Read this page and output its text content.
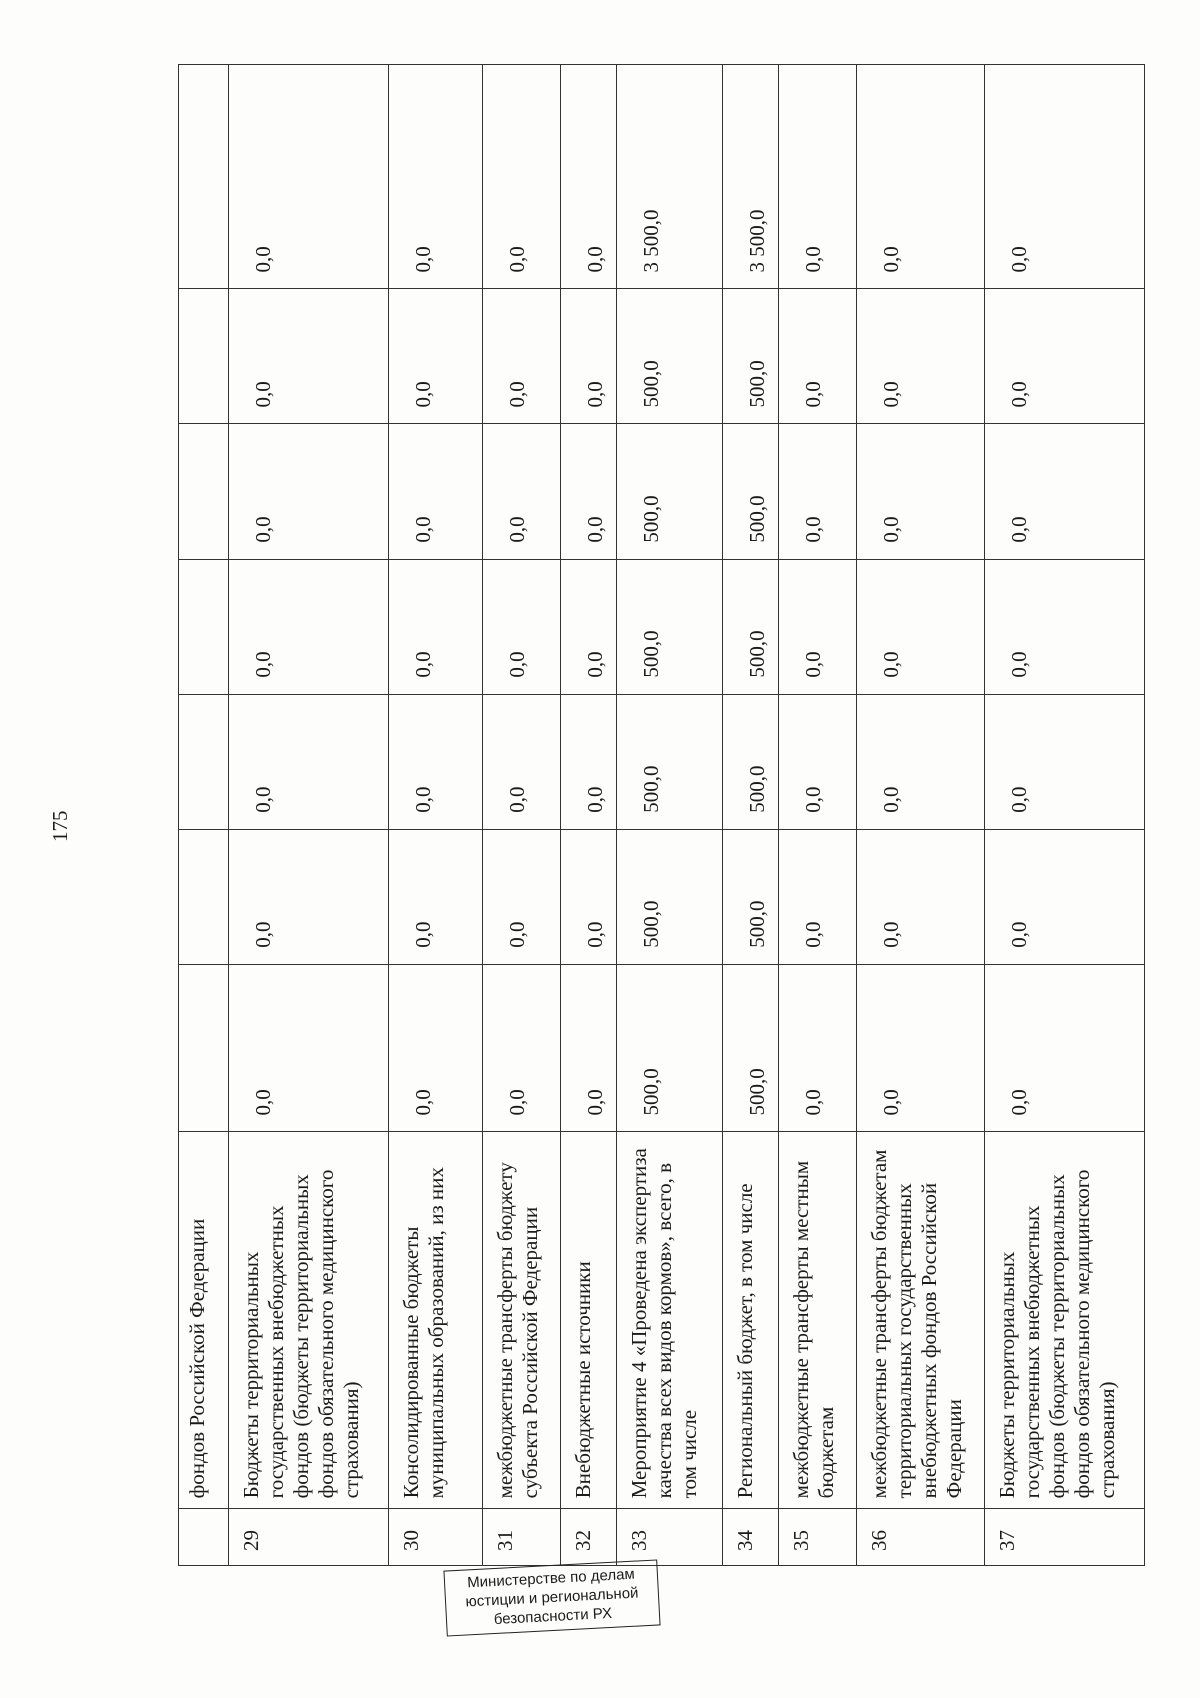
175
	фондов Российской Федерации							
29	Бюджеты территориальных государственных внебюджетных фондов (бюджеты территориальных фондов обязательного медицинского страхования)	0,0	0,0	0,0	0,0	0,0	0,0	0,0
30	Консолидированные бюджеты муниципальных образований, из них	0,0	0,0	0,0	0,0	0,0	0,0	0,0
31	межбюджетные трансферты бюджету субъекта Российской Федерации	0,0	0,0	0,0	0,0	0,0	0,0	0,0
32	Внебюджетные источники	0,0	0,0	0,0	0,0	0,0	0,0	0,0
33	Мероприятие 4 «Проведена экспертиза качества всех видов кормов», всего, в том числе	500,0	500,0	500,0	500,0	500,0	500,0	3 500,0
34	Региональный бюджет, в том числе	500,0	500,0	500,0	500,0	500,0	500,0	3 500,0
35	межбюджетные трансферты местным бюджетам	0,0	0,0	0,0	0,0	0,0	0,0	0,0
36	межбюджетные трансферты бюджетам территориальных государственных внебюджетных фондов Российской Федерации	0,0	0,0	0,0	0,0	0,0	0,0	0,0
37	Бюджеты территориальных государственных внебюджетных фондов (бюджеты территориальных фондов обязательного медицинского страхования)	0,0	0,0	0,0	0,0	0,0	0,0	0,0
Министерстве по делам
юстиции и региональной
безопасности РХ
